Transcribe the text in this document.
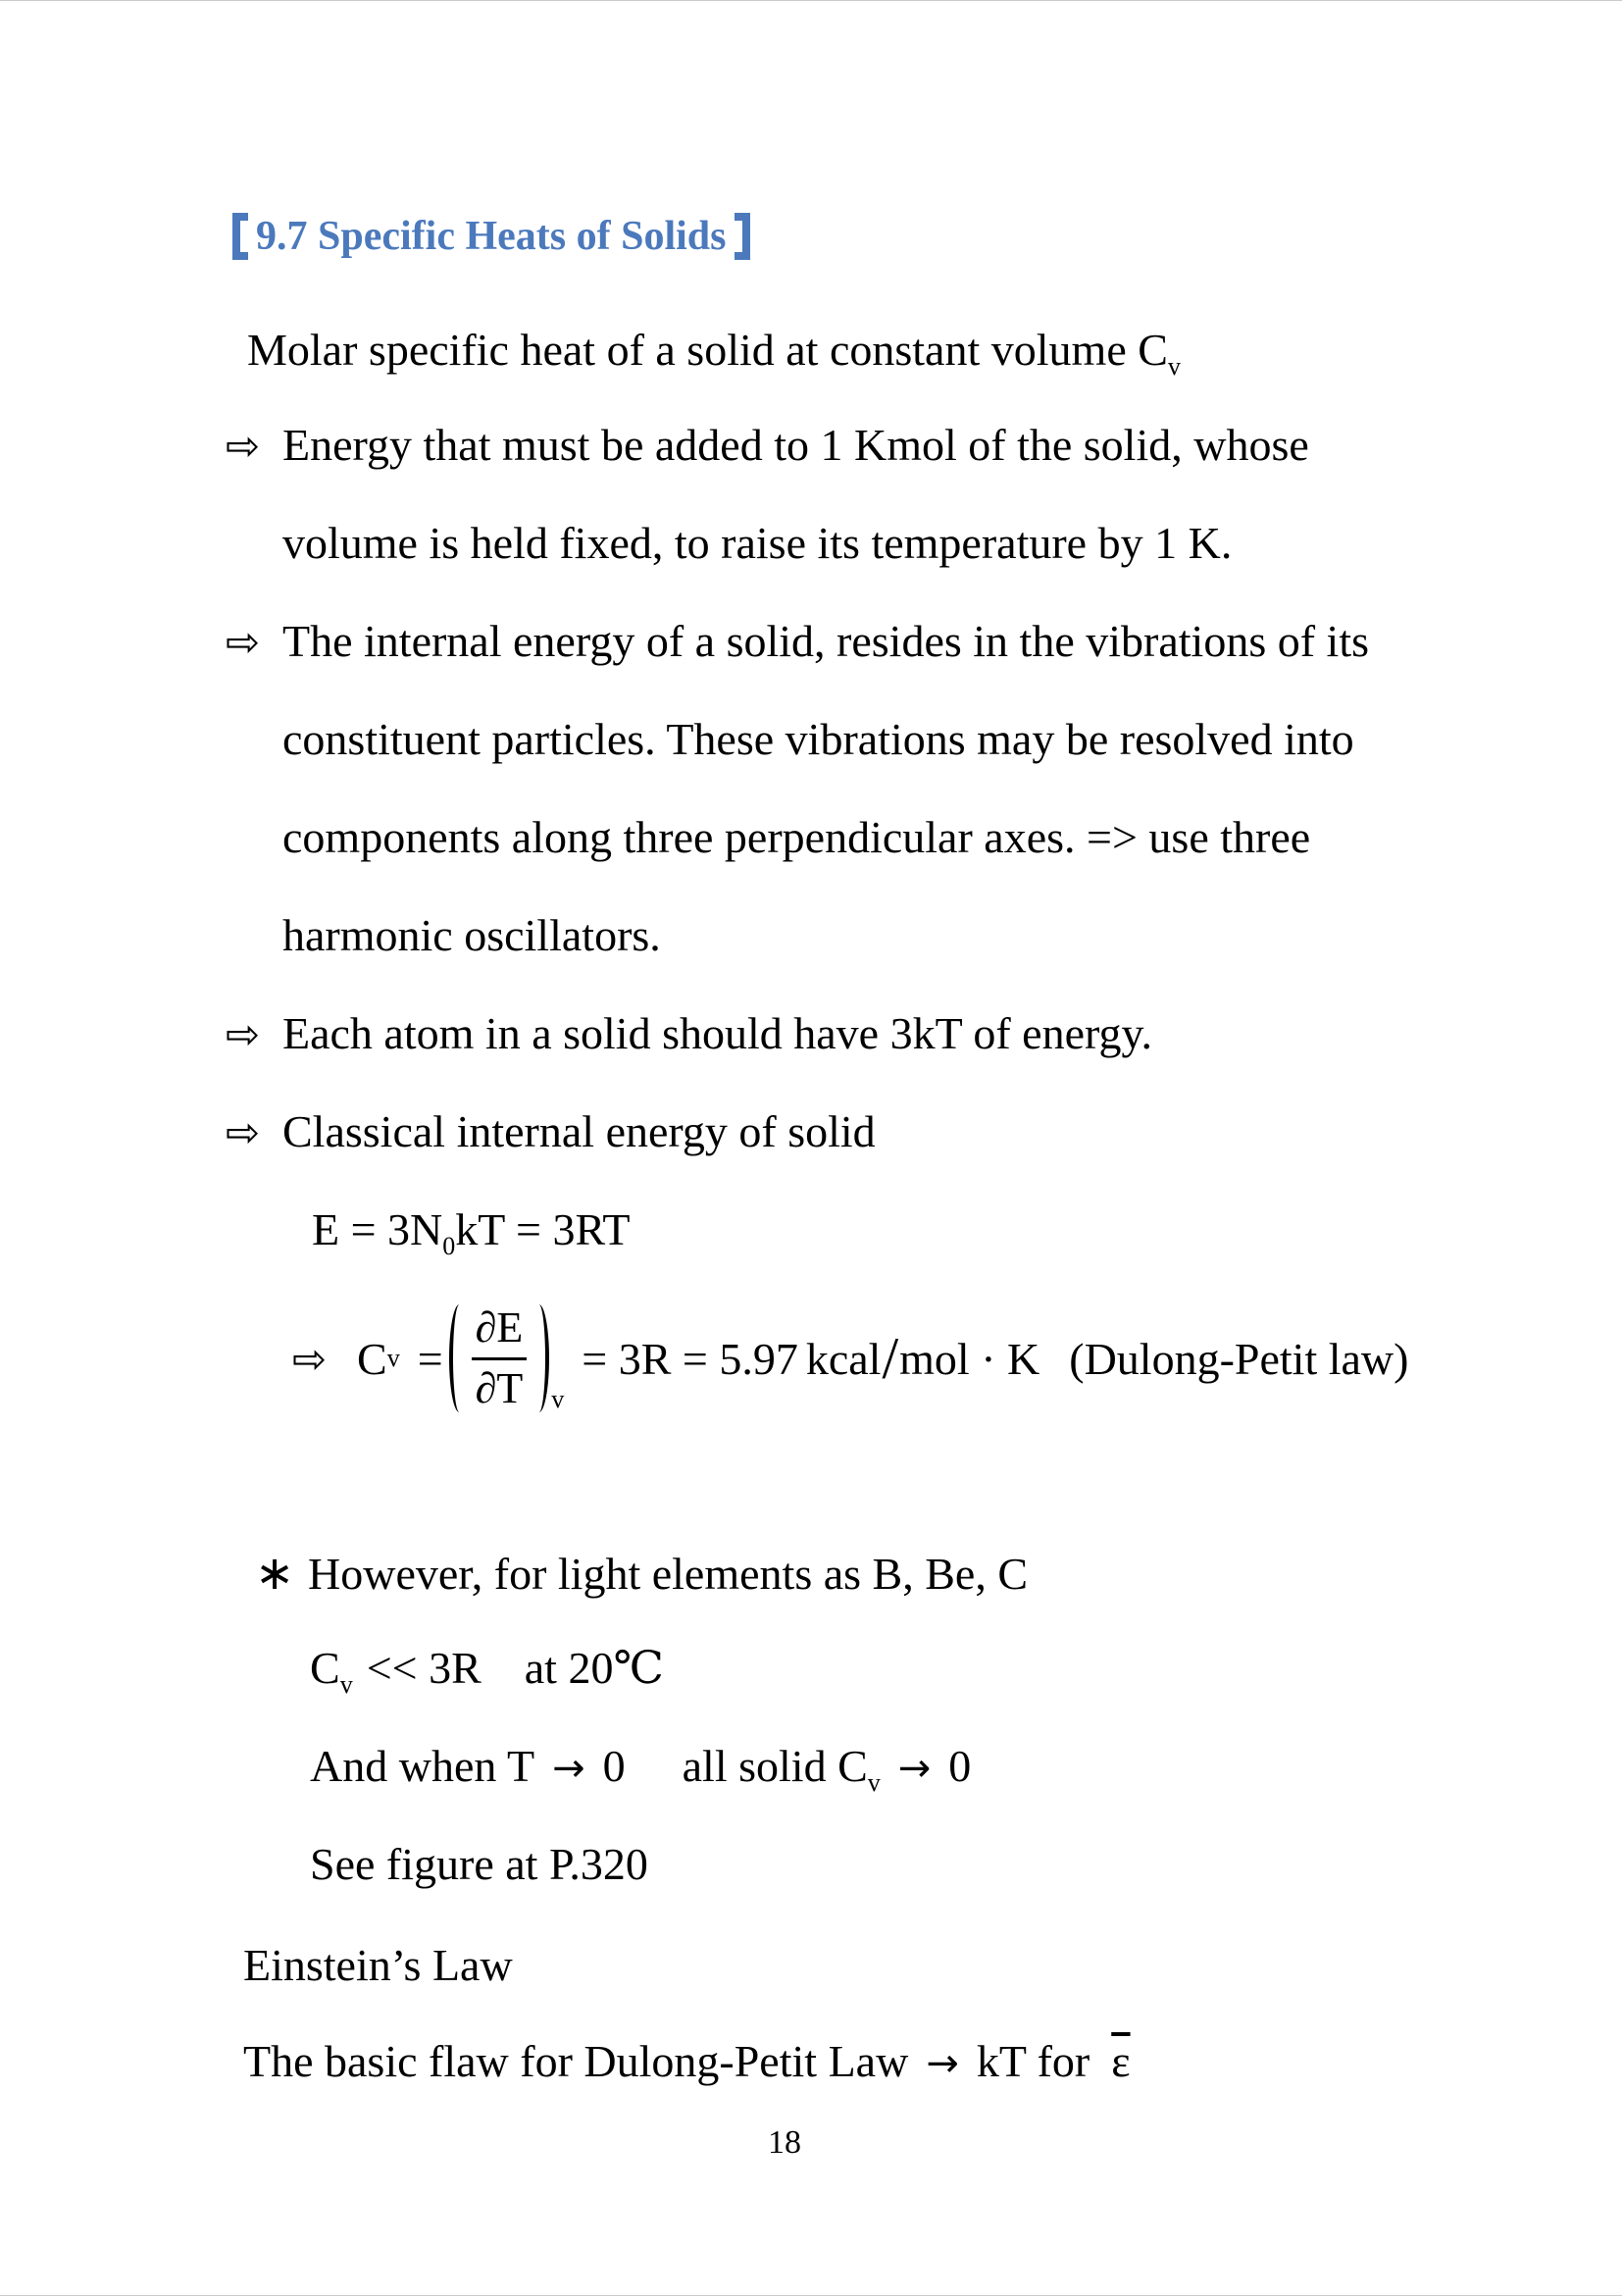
9.7 Specific Heats of Solids
Molar specific heat of a solid at constant volume $C_v$
⇨ Energy that must be added to 1 Kmol of the solid, whose
volume is held fixed, to raise its temperature by 1 K.
⇨ The internal energy of a solid, resides in the vibrations of its
constituent particles. These vibrations may be resolved into
components along three perpendicular axes. => use three
harmonic oscillators.
⇨ Each atom in a solid should have 3kT of energy.
⇨ Classical internal energy of solid
$E = 3N_0kT = 3RT$
⇨ C $v = \frac{\partial E}{\partial T}$ v
= 3R = 5.97 kcal / mol · K (Dulong-Petit law)
∗ However, for light elements as B, Be, C
$C_v << 3R$ at 20℃
And when T → 0 all solid $C_v \to 0$
See figure at P.320
Einstein’s Law
The basic flaw for Dulong-Petit Law → kT for $\overline{\varepsilon}$
18
